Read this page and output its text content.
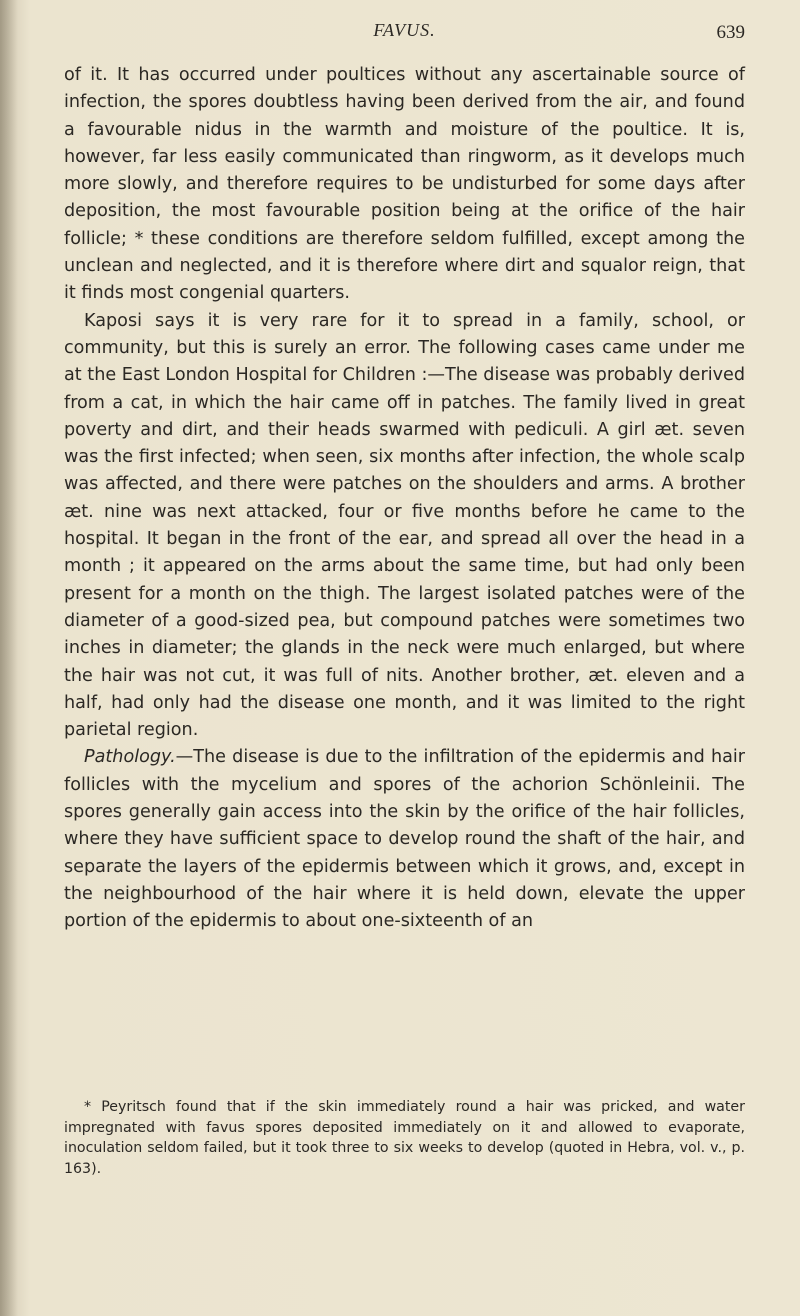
FAVUS.	639

of it. It has occurred under poultices without any ascertainable source of infection, the spores doubtless having been derived from the air, and found a favourable nidus in the warmth and moisture of the poultice. It is, however, far less easily communicated than ringworm, as it develops much more slowly, and therefore requires to be undisturbed for some days after deposition, the most favourable position being at the orifice of the hair follicle; * these conditions are therefore seldom fulfilled, except among the unclean and neglected, and it is therefore where dirt and squalor reign, that it finds most congenial quarters.

Kaposi says it is very rare for it to spread in a family, school, or community, but this is surely an error. The following cases came under me at the East London Hospital for Children :—The disease was probably derived from a cat, in which the hair came off in patches. The family lived in great poverty and dirt, and their heads swarmed with pediculi. A girl æt. seven was the first infected; when seen, six months after infection, the whole scalp was affected, and there were patches on the shoulders and arms. A brother æt. nine was next attacked, four or five months before he came to the hospital. It began in the front of the ear, and spread all over the head in a month ; it appeared on the arms about the same time, but had only been present for a month on the thigh. The largest isolated patches were of the diameter of a good-sized pea, but compound patches were sometimes two inches in diameter; the glands in the neck were much enlarged, but where the hair was not cut, it was full of nits. Another brother, æt. eleven and a half, had only had the disease one month, and it was limited to the right parietal region.

Pathology.—The disease is due to the infiltration of the epidermis and hair follicles with the mycelium and spores of the achorion Schönleinii. The spores generally gain access into the skin by the orifice of the hair follicles, where they have sufficient space to develop round the shaft of the hair, and separate the layers of the epidermis between which it grows, and, except in the neighbourhood of the hair where it is held down, elevate the upper portion of the epidermis to about one-sixteenth of an

* Peyritsch found that if the skin immediately round a hair was pricked, and water impregnated with favus spores deposited immediately on it and allowed to evaporate, inoculation seldom failed, but it took three to six weeks to develop (quoted in Hebra, vol. v., p. 163).
